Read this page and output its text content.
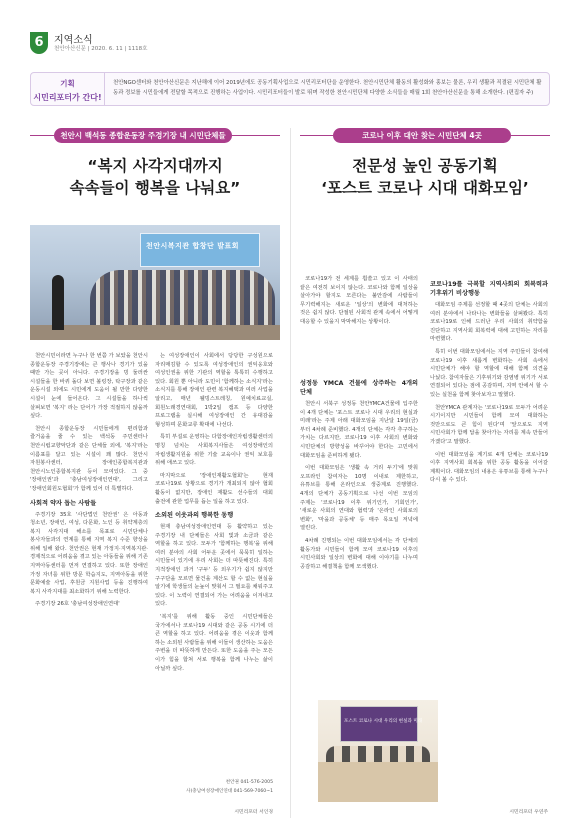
6	지역소식
천안아산신문 | 2020. 6. 11 | 1118호
기획
시민리포터가 간다!
천안NGO센터와 천안아산신문은 지난해에 이어 2019년에도 공동기획사업으로 시민리포터단을 운영한다. 천안시민단체 활동의 활성화와 홍보는 물론, 우리 생활과 직결된 시민단체 활동과 정보를 시민들에게 전달할 목적으로 진행하는 사업이다. 시민리포터들이 발로 뛰며 작성한 천안시민단체 다양한 소식들을 매월 1회 천안아산신문을 통해 소개한다. (편집자 주)
천안시 백석동 종합운동장 주경기장 내 시민단체들	코로나 이후 대안 찾는 시민단체 4곳
“복지 사각지대까지
속속들이 행복을 나눠요”
전문성 높인 공동기획
‘포스트 코로나 시대 대화모임’
천안시복지관 합창단 발표회

천안시민이라면 누구나 한 번쯤 가 보았을 천안시 종합운동장 주경기장에는 큰 행사나 경기가 있을 때만 가는 곳이 아니다. 주경기장을 빙 둘러싼 시설들을 한 바퀴 돌다 보면 볼링장, 탁구장과 같은 운동시설 외에도 시민에게 도움이 될 만한 다양한 시설이 눈에 들어온다. 그 시설들을 하나씩 살펴보면 '복지' 라는 단어가 가장 적절하지 않을까 싶다.

천안시 종합운동장 시민들에게 편리함과 즐거움을 줄 수 있는 백석동 주민센터나 천안시립교향악단과 같은 단체들 외에, '복지'라는 이름표를 달고 있는 시설이 꽤 많다. 천안시 자원봉사센터, 장애인종합복지관과 천안시노인종합복지관 등이 모여있다. 그 중 '장애인권'과 '충남여성장애인연대', 그리고 '장애인회원도협회'가 함께 있어 더 특별하다.

사회적 약자 돕는 사람들

주경기장 35호 '사단법인 천안권' 은 아동과 청소년, 장애인, 여성, 다문화, 노인 등 취약계층의 복지 사각지대 해소를 목표로 시민단체나 봉사자들과의 연계를 통해 지역 복지 수준 향상을 위해 일해 왔다. 천안권은 현재 가정지·지역복지관·경제적으로 어려움을 겪고 있는 아동들을 위해 기존 지역아동센터를 먼저 연결하고 있다. 또한 장애인 가정 자녀를 위한 방문 학습지도, 지역아동을 위한 문화예술 사업, 후원금 지원사업 등을 진행하여 복지 사각지대를 최소화하기 위해 노력한다.

주경기장 26호 '충남여성장애인연대'

는 여성장애인이 사회에서 당당한 구성원으로 자리매김할 수 있도록 여성장애인의 권익옹호와 여성인권을 위한 기관의 역할을 톡톡히 수행하고 있다. 회원 뿐 아니라 도민이 '함께하는 소식지'라는 소식지를 통해 장애인 관련 복지혜택과 여러 사업을 알리고, 매년 웰빙스트레칭, 원예치료교실, 회원노래경연대회, 1박2일 캠프 등 다양한 프로그램을 실시해 여성장애인 간 유대감을 형성하며 문화교류 확대에 나선다.

특히 부설로 운영하는 다함장애인자립생활센터의 명칭 넘치는 사회복지사들은 여성장애인의 자립생활지원을 위한 기술 교육이나 권익 보호를 위해 애쓰고 있다.

마지막으로 '장애인재활도협회'는 현재 코로나19로 상황으로 경기가 개최되지 않아 협회 활동이 없지만, 장애인 재활도 선수들의 대회 출전에 관한 업무를 돕는 일을 하고 있다.

소외된 이웃과의 행복한 동행

현재 충남여성장애인연대 등 활약하고 있는 주경기장 내 단체들은 사회 빛과 소금과 같은 역할을 하고 있다. 모두가 '함께하는 행복'을 위해 여러 분야의 사회 어두운 곳에서 묵묵히 일하는 시민들이 있기에 우리 사회는 더 따뜻해진다. 특히 지적장애인 과거 '구두' 등 외우기가 쉽지 않지만 구구단을 모르면 물건을 계산도 할 수 없는 현실을 알기에 학생들의 눈높이 맞춰서 그 필요를 채워주고 있다. 이 노력이 연결되어 가는 어려움을 이겨내고 있다.

'복지'를 위해 활동 중인 시민단체들은 국가에서나 코로나19 시대와 같은 공동 시기에 더 큰 역할을 하고 있다. 어려움을 겪은 이웃과 함께 하는 소외된 사람들을 위해 이들이 생산하는 도움은 주변을 더 따뜻하게 만든다. 또한 도움을 주는 모든 이가 힘을 합쳐 서로 행복을 함께 나누는 삶이 아닐까 싶다.

천안권 041-576-2005
사)충남여성장애인연대 041-569-7060~1
시민리포터 서인경

코로나19가 전 세계를 휩쓸고 있고 이 사태의 끝은 여전히 보이지 않는다. 코로나와 함께 일상을 살아가야 할지도 모른다는 불안감에 사람들이 무기력해지는 새로운 '일상'의 변화에 대처하는 것은 쉽지 않다. 단절된 사회적 관계 속에서 어떻게 대응할 수 있을지 막막해지는 상황이다.

성정동 YMCA 건물에 상주하는 4개의 단체

천안시 서북구 성정동 천안YMCA건물에 입주한 이 4개 단체는 '포스트 코로나 시대 우리의 현실과 미래'라는 주제 아래 대화모임을 지난달 19일(금)부터 4차례 준비했다. 4개의 단체는 각각 추구하는 가치는 다르지만, 코로나19 이후 사회의 변화와 시민단체의 방향성을 바꾸어야 한다는 고민에서 대화모임을 준비하게 됐다.

이번 대화모임은 '생활 속 거리 두기'에 맞춰 오프라인 참여자는 10명 이내로 제한하고, 유튜브를 통해 온라인으로 생중계로 진행했다. 4개의 단체가 공동기획으로 나선 이번 모임의 주제는 '코로나19 이후 위기인가, 기회인가', '새로운 사회의 연대와 협력'과 '온라인 사회로의 변화', '마을과 공동체' 등 매주 목요일 저녁에 열린다.

4차례 진행되는 이번 대화모임에서는 각 단체의 활동가와 시민들이 함께 모여 코로나19 이후의 시민사회와 일상의 변화에 대해 이야기를 나누며 공감하고 해결책을 함께 모색했다.

포스트 코로나 시대 우리의 현실과 미래
코로나19를 극복할 지역사회의 회복력과 기후위기 비상행동

대화모임 주제를 선정할 때 4곳의 단체는 사회의 여러 분야에서 나타나는 변화들을 살펴봤다. 특히 코로나19로 인해 드러난 우리 사회의 취약함을 진단하고 지역사회 회복력에 대해 고민하는 자리를 마련했다.

특히 이번 대화모임에서는 지역 주민들이 참여해 코로나19 이후 새롭게 변화하는 사회 속에서 시민단체가 해야 할 역할에 대해 함께 의견을 나눴다. 참여자들은 기후위기와 감염병 위기가 서로 연결되어 있다는 점에 공감하며, 지역 안에서 할 수 있는 실천을 함께 찾아보자고 말했다.

천안YMCA 관계자는 '코로나19로 모두가 어려운 시기이지만 시민들이 함께 모여 대화하는 것만으로도 큰 힘이 된다'며 '앞으로도 지역 시민사회가 함께 답을 찾아가는 자리를 계속 만들어 가겠다'고 말했다.

이번 대화모임을 계기로 4개 단체는 코로나19 이후 지역사회 회복을 위한 공동 활동을 이어갈 계획이다. 대화모임의 내용은 유튜브를 통해 누구나 다시 볼 수 있다.

시민리포터 우연주
